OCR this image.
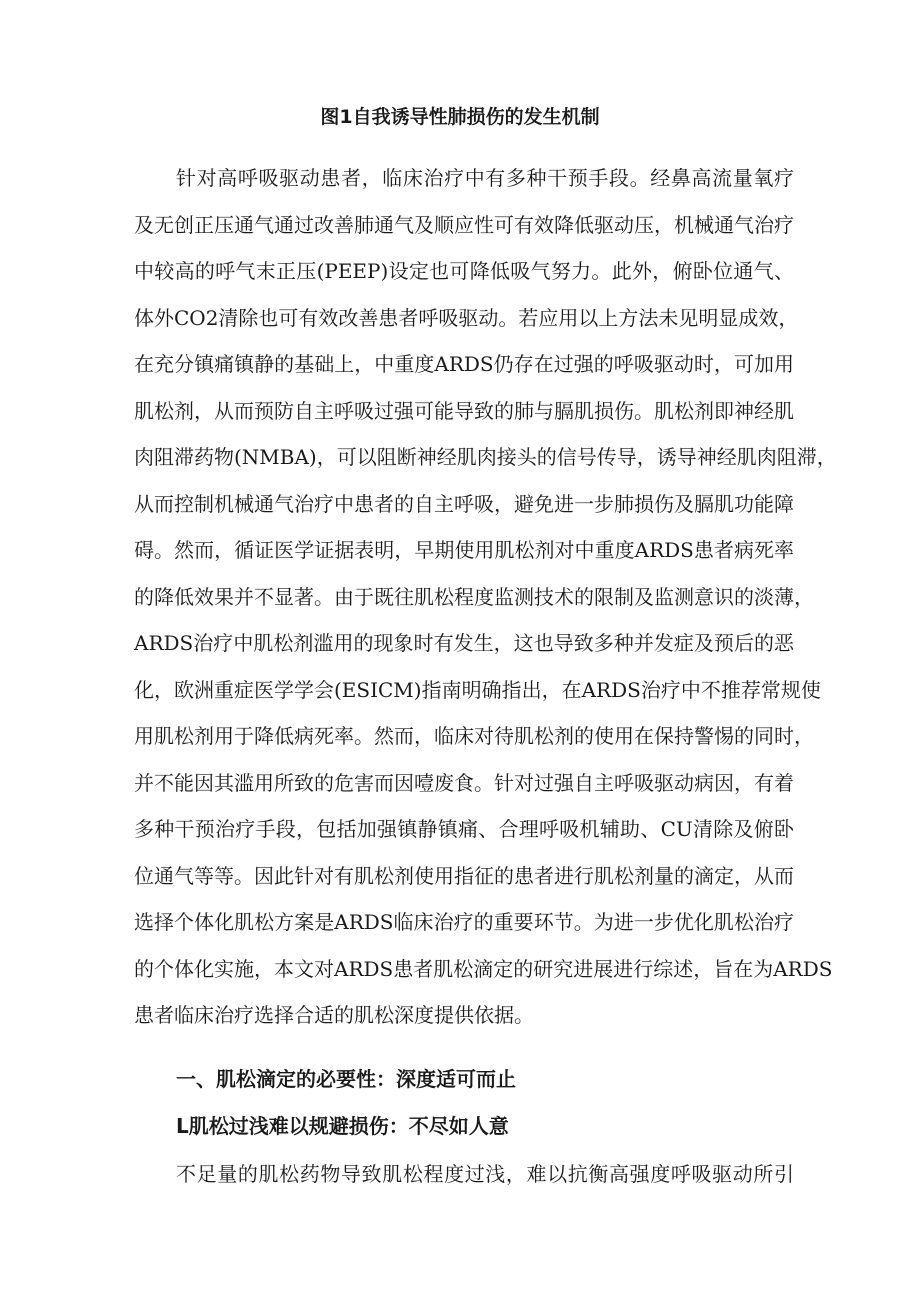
图1自我诱导性肺损伤的发生机制
针对高呼吸驱动患者，临床治疗中有多种干预手段。经鼻高流量氧疗
及无创正压通气通过改善肺通气及顺应性可有效降低驱动压，机械通气治疗
中较高的呼气末正压(PEEP)设定也可降低吸气努力。此外，俯卧位通气、
体外CO2清除也可有效改善患者呼吸驱动。若应用以上方法未见明显成效，
在充分镇痛镇静的基础上，中重度ARDS仍存在过强的呼吸驱动时，可加用
肌松剂，从而预防自主呼吸过强可能导致的肺与膈肌损伤。肌松剂即神经肌
肉阻滞药物(NMBA)，可以阻断神经肌肉接头的信号传导，诱导神经肌肉阻滞，
从而控制机械通气治疗中患者的自主呼吸，避免进一步肺损伤及膈肌功能障
碍。然而，循证医学证据表明，早期使用肌松剂对中重度ARDS患者病死率
的降低效果并不显著。由于既往肌松程度监测技术的限制及监测意识的淡薄，
ARDS治疗中肌松剂滥用的现象时有发生，这也导致多种并发症及预后的恶
化，欧洲重症医学学会(ESICM)指南明确指出，在ARDS治疗中不推荐常规使
用肌松剂用于降低病死率。然而，临床对待肌松剂的使用在保持警惕的同时，
并不能因其滥用所致的危害而因噎废食。针对过强自主呼吸驱动病因，有着
多种干预治疗手段，包括加强镇静镇痛、合理呼吸机辅助、CU清除及俯卧
位通气等等。因此针对有肌松剂使用指征的患者进行肌松剂量的滴定，从而
选择个体化肌松方案是ARDS临床治疗的重要环节。为进一步优化肌松治疗
的个体化实施，本文对ARDS患者肌松滴定的研究进展进行综述，旨在为ARDS
患者临床治疗选择合适的肌松深度提供依据。
一、肌松滴定的必要性：深度适可而止
L肌松过浅难以规避损伤：不尽如人意
不足量的肌松药物导致肌松程度过浅，难以抗衡高强度呼吸驱动所引
